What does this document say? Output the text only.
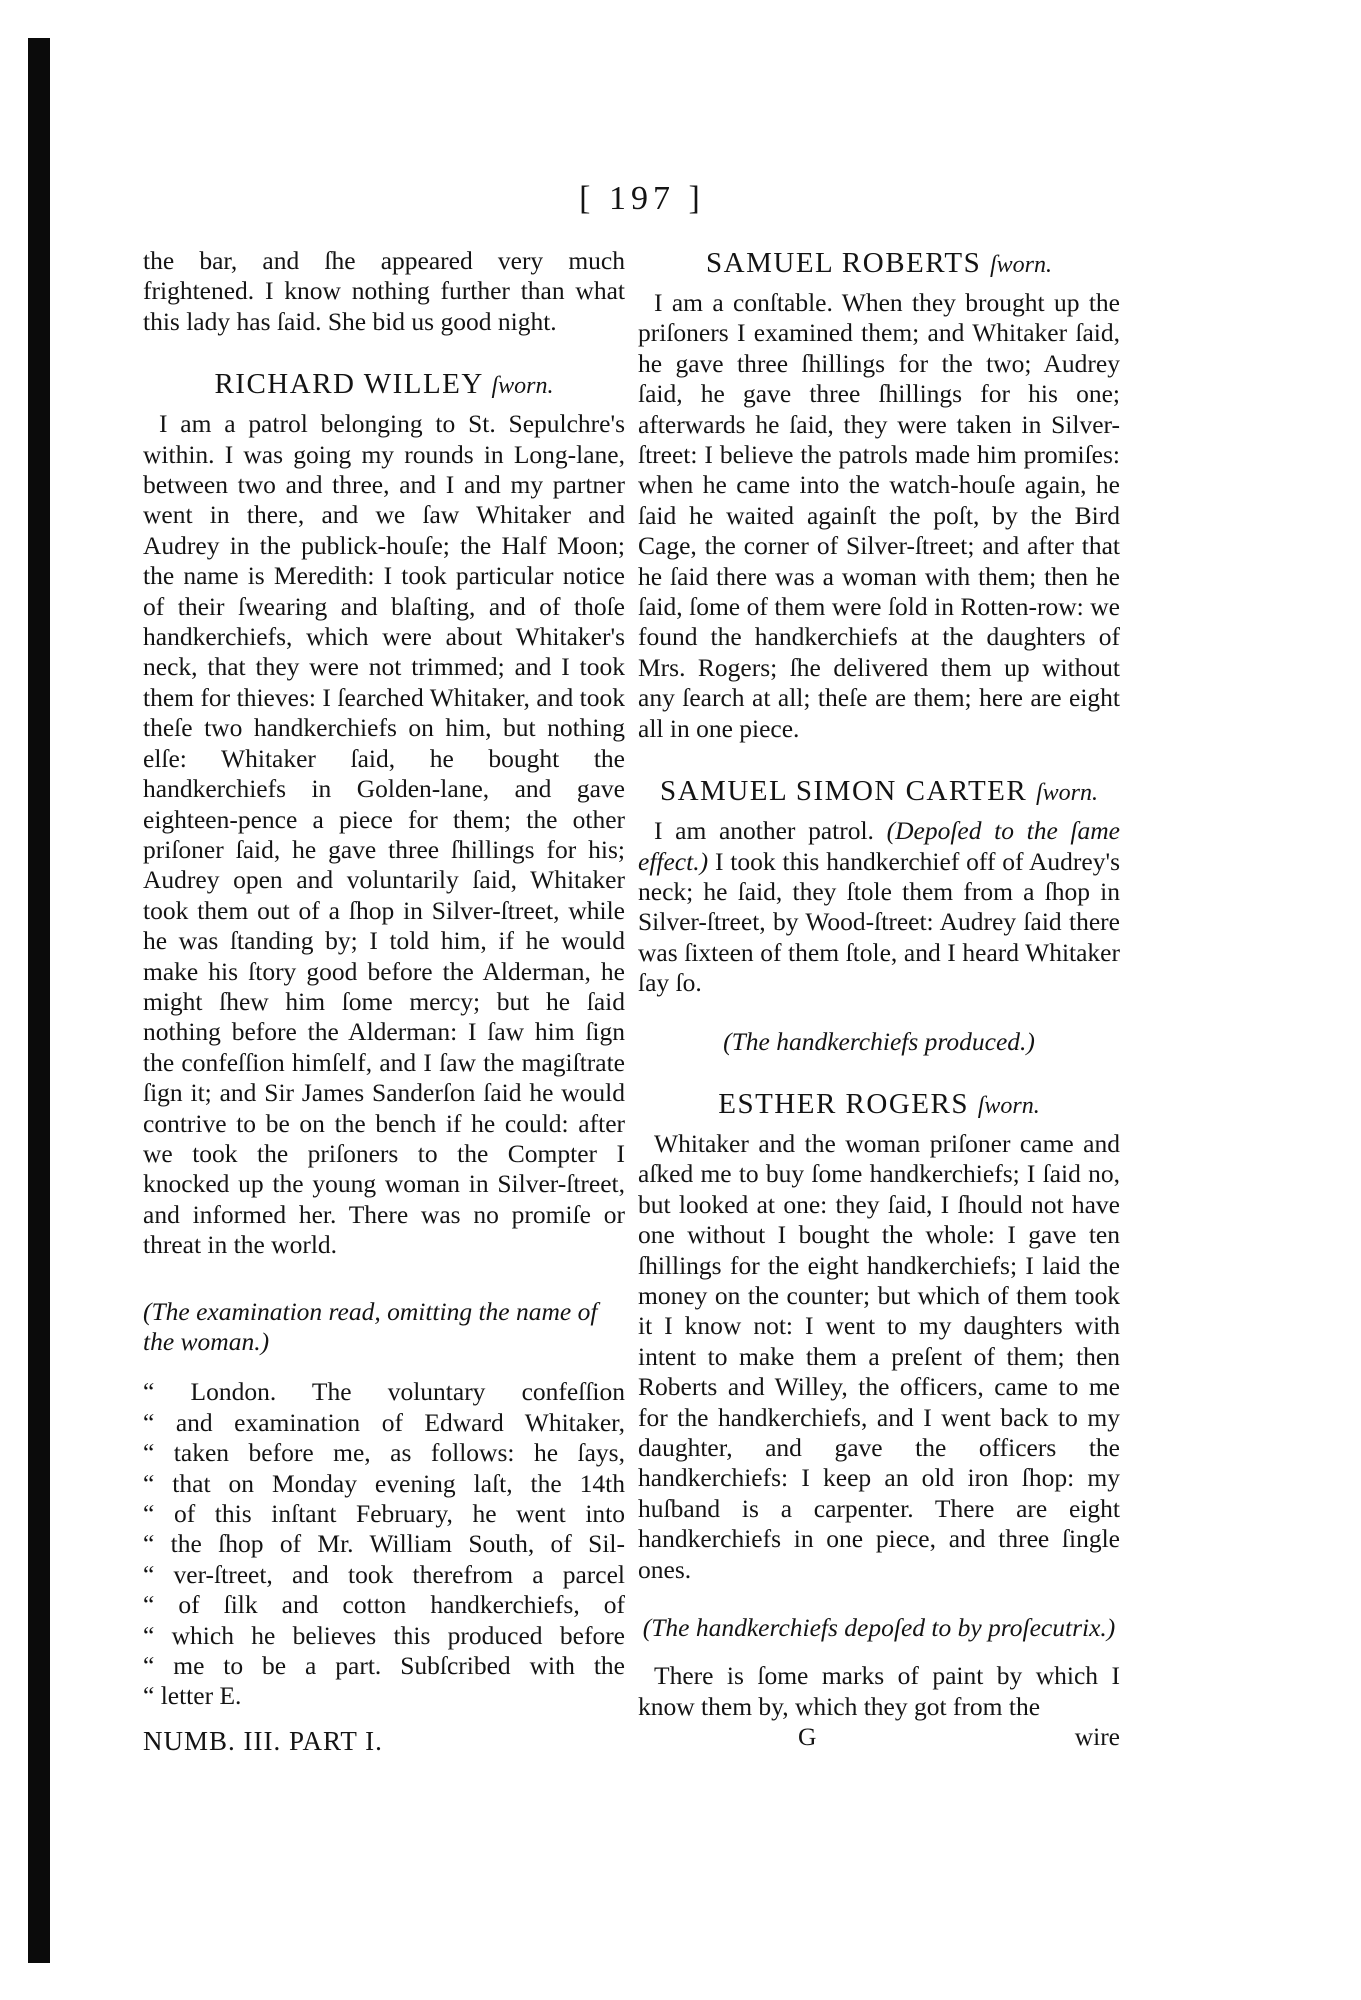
[ 197 ]

the bar, and ſhe appeared very much frightened. I know nothing further than what this lady has ſaid. She bid us good night.

RICHARD WILLEY ſworn.

I am a patrol belonging to St. Sepulchre's within. I was going my rounds in Long-lane, between two and three, and I and my partner went in there, and we ſaw Whitaker and Audrey in the publick-houſe; the Half Moon; the name is Meredith: I took particular notice of their ſwearing and blaſting, and of thoſe handkerchiefs, which were about Whitaker's neck, that they were not trimmed; and I took them for thieves: I ſearched Whitaker, and took theſe two handkerchiefs on him, but nothing elſe: Whitaker ſaid, he bought the handkerchiefs in Golden-lane, and gave eighteen-pence a piece for them; the other priſoner ſaid, he gave three ſhillings for his; Audrey open and voluntarily ſaid, Whitaker took them out of a ſhop in Silver-ſtreet, while he was ſtanding by; I told him, if he would make his ſtory good before the Alderman, he might ſhew him ſome mercy; but he ſaid nothing before the Alderman: I ſaw him ſign the confeſſion himſelf, and I ſaw the magiſtrate ſign it; and Sir James Sanderſon ſaid he would contrive to be on the bench if he could: after we took the priſoners to the Compter I knocked up the young woman in Silver-ſtreet, and informed her. There was no promiſe or threat in the world.

(The examination read, omitting the name of the woman.)

“ London. The voluntary confeſſion
“ and examination of Edward Whitaker,
“ taken before me, as follows: he ſays,
“ that on Monday evening laſt, the 14th
“ of this inſtant February, he went into
“ the ſhop of Mr. William South, of Sil-
“ ver-ſtreet, and took therefrom a parcel
“ of ſilk and cotton handkerchiefs, of
“ which he believes this produced before
“ me to be a part. Subſcribed with the
“ letter E.
NUMB. III. PART I.
SAMUEL ROBERTS ſworn.

I am a conſtable. When they brought up the priſoners I examined them; and Whitaker ſaid, he gave three ſhillings for the two; Audrey ſaid, he gave three ſhillings for his one; afterwards he ſaid, they were taken in Silver-ſtreet: I believe the patrols made him promiſes: when he came into the watch-houſe again, he ſaid he waited againſt the poſt, by the Bird Cage, the corner of Silver-ſtreet; and after that he ſaid there was a woman with them; then he ſaid, ſome of them were ſold in Rotten-row: we found the handkerchiefs at the daughters of Mrs. Rogers; ſhe delivered them up without any ſearch at all; theſe are them; here are eight all in one piece.

SAMUEL SIMON CARTER ſworn.

I am another patrol. (Depoſed to the ſame effect.) I took this handkerchief off of Audrey's neck; he ſaid, they ſtole them from a ſhop in Silver-ſtreet, by Wood-ſtreet: Audrey ſaid there was ſixteen of them ſtole, and I heard Whitaker ſay ſo.

(The handkerchiefs produced.)

ESTHER ROGERS ſworn.

Whitaker and the woman priſoner came and aſked me to buy ſome handkerchiefs; I ſaid no, but looked at one: they ſaid, I ſhould not have one without I bought the whole: I gave ten ſhillings for the eight handkerchiefs; I laid the money on the counter; but which of them took it I know not: I went to my daughters with intent to make them a preſent of them; then Roberts and Willey, the officers, came to me for the handkerchiefs, and I went back to my daughter, and gave the officers the handkerchiefs: I keep an old iron ſhop: my huſband is a carpenter. There are eight handkerchiefs in one piece, and three ſingle ones.

(The handkerchiefs depoſed to by proſecutrix.)

There is ſome marks of paint by which I know them by, which they got from the

G	wire
